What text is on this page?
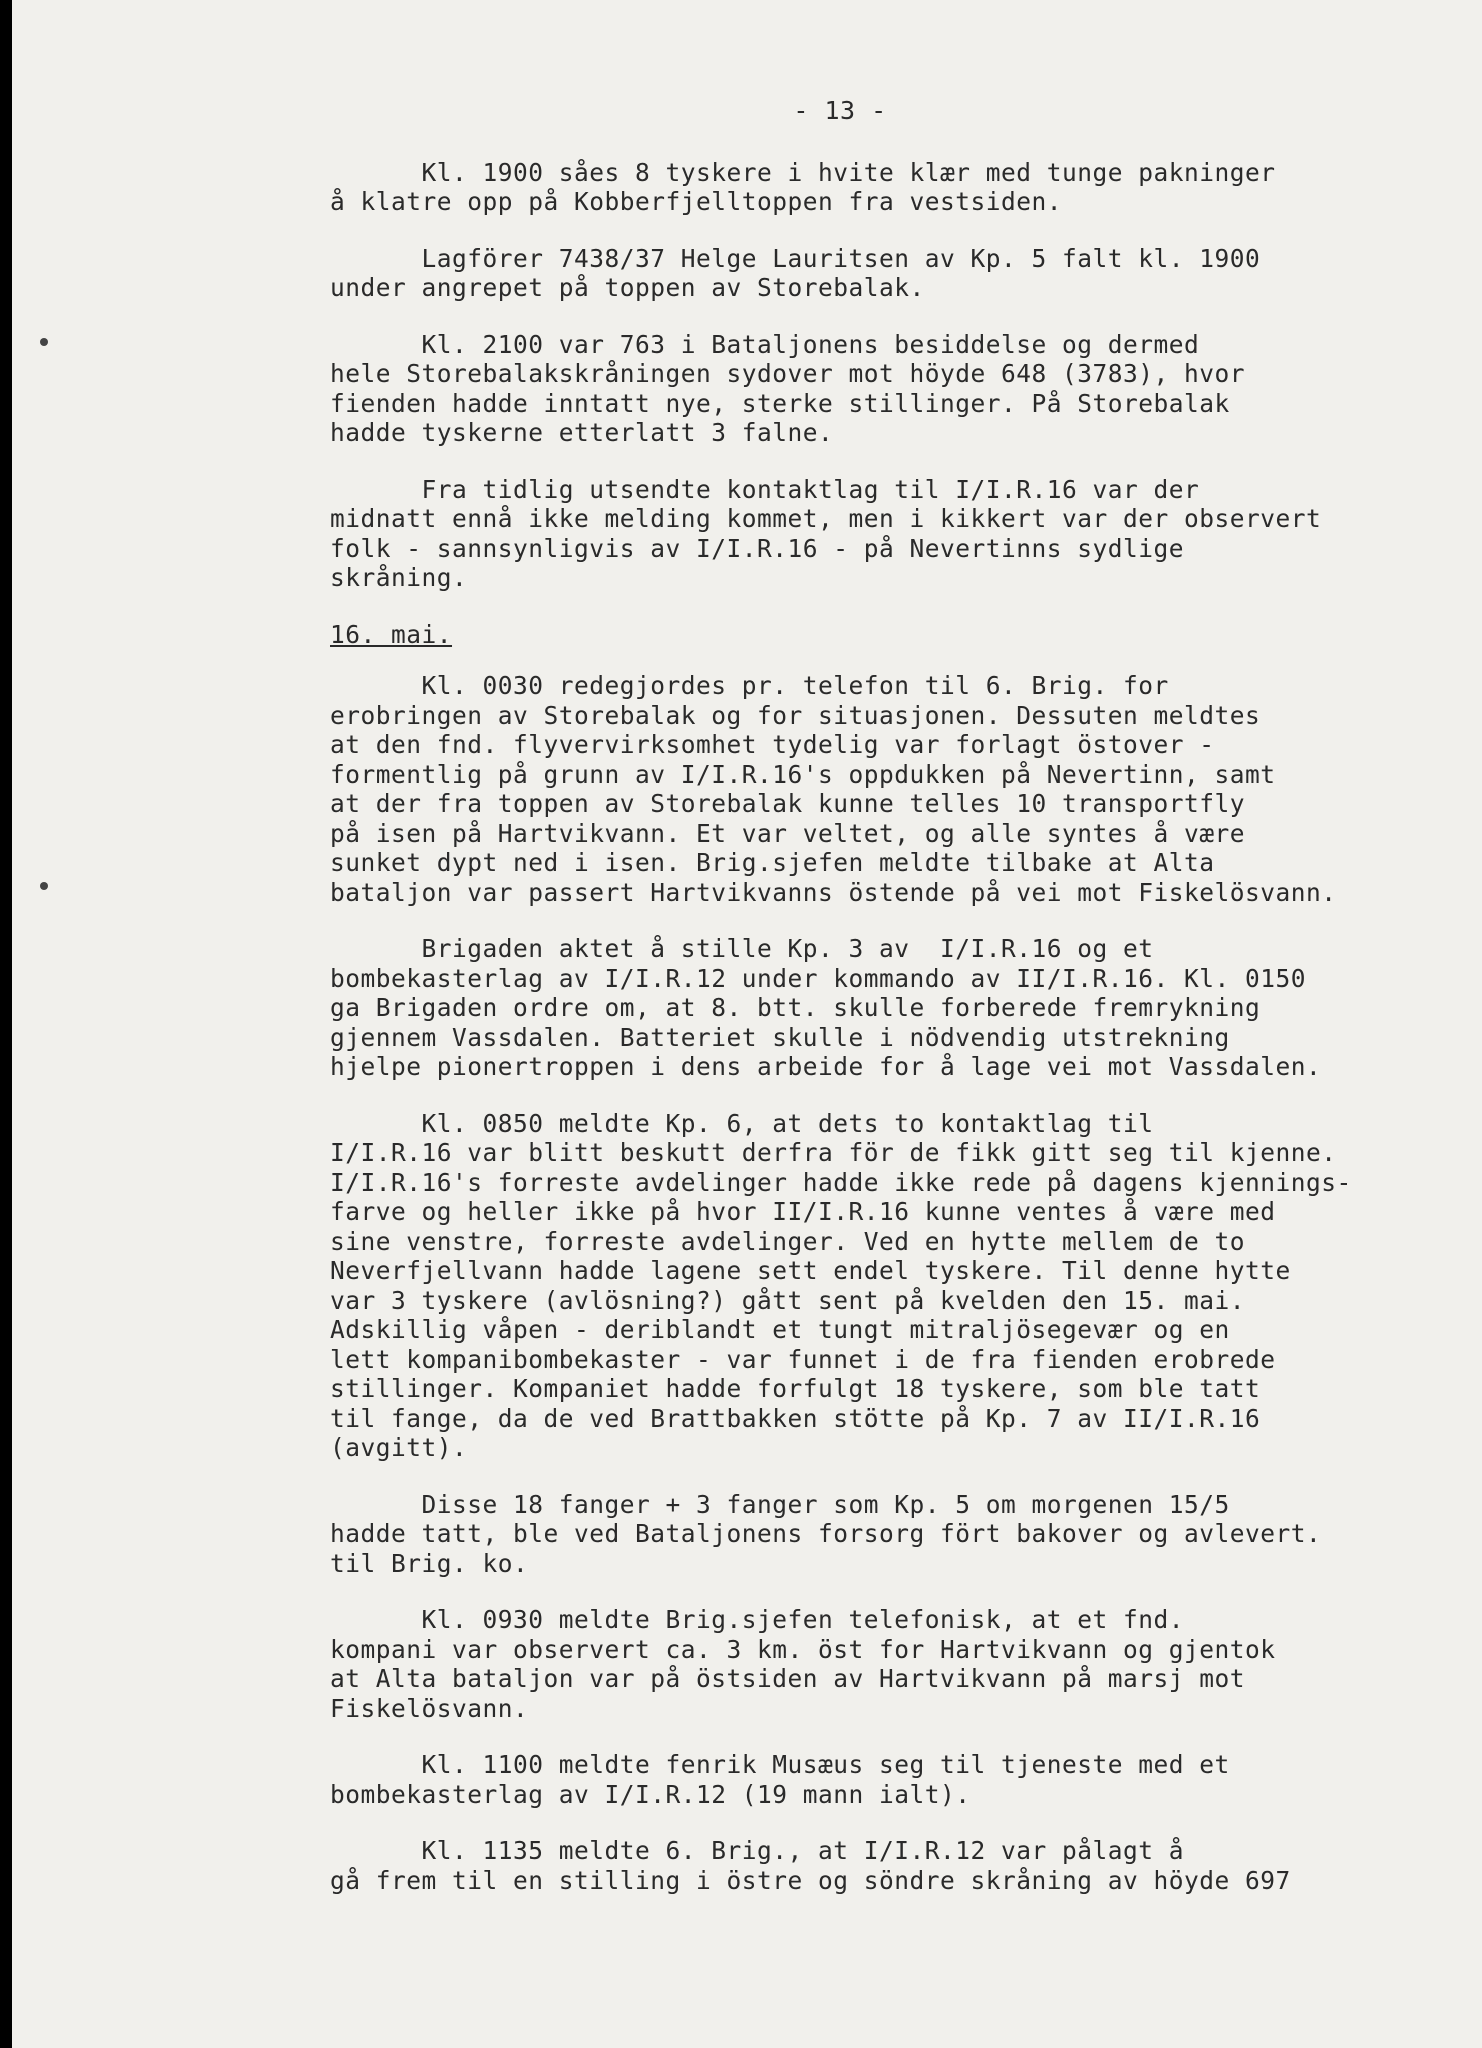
- 13 -
Kl. 1900 såes 8 tyskere i hvite klær med tunge pakninger
å klatre opp på Kobberfjelltoppen fra vestsiden.
Lagförer 7438/37 Helge Lauritsen av Kp. 5 falt kl. 1900
under angrepet på toppen av Storebalak.
Kl. 2100 var 763 i Bataljonens besiddelse og dermed
hele Storebalakskråningen sydover mot höyde 648 (3783), hvor
fienden hadde inntatt nye, sterke stillinger. På Storebalak
hadde tyskerne etterlatt 3 falne.
Fra tidlig utsendte kontaktlag til I/I.R.16 var der
midnatt ennå ikke melding kommet, men i kikkert var der observert
folk - sannsynligvis av I/I.R.16 - på Nevertinns sydlige
skråning.
16. mai.
Kl. 0030 redegjordes pr. telefon til 6. Brig. for
erobringen av Storebalak og for situasjonen. Dessuten meldtes
at den fnd. flyvervirksomhet tydelig var forlagt östover -
formentlig på grunn av I/I.R.16's oppdukken på Nevertinn, samt
at der fra toppen av Storebalak kunne telles 10 transportfly
på isen på Hartvikvann. Et var veltet, og alle syntes å være
sunket dypt ned i isen. Brig.sjefen meldte tilbake at Alta
bataljon var passert Hartvikvanns östende på vei mot Fiskelösvann.
Brigaden aktet å stille Kp. 3 av  I/I.R.16 og et
bombekasterlag av I/I.R.12 under kommando av II/I.R.16. Kl. 0150
ga Brigaden ordre om, at 8. btt. skulle forberede fremrykning
gjennem Vassdalen. Batteriet skulle i nödvendig utstrekning
hjelpe pionertroppen i dens arbeide for å lage vei mot Vassdalen.
Kl. 0850 meldte Kp. 6, at dets to kontaktlag til
I/I.R.16 var blitt beskutt derfra för de fikk gitt seg til kjenne.
I/I.R.16's forreste avdelinger hadde ikke rede på dagens kjennings-
farve og heller ikke på hvor II/I.R.16 kunne ventes å være med
sine venstre, forreste avdelinger. Ved en hytte mellem de to
Neverfjellvann hadde lagene sett endel tyskere. Til denne hytte
var 3 tyskere (avlösning?) gått sent på kvelden den 15. mai.
Adskillig våpen - deriblandt et tungt mitraljösegevær og en
lett kompanibombekaster - var funnet i de fra fienden erobrede
stillinger. Kompaniet hadde forfulgt 18 tyskere, som ble tatt
til fange, da de ved Brattbakken stötte på Kp. 7 av II/I.R.16
(avgitt).
Disse 18 fanger + 3 fanger som Kp. 5 om morgenen 15/5
hadde tatt, ble ved Bataljonens forsorg fört bakover og avlevert.
til Brig. ko.
Kl. 0930 meldte Brig.sjefen telefonisk, at et fnd.
kompani var observert ca. 3 km. öst for Hartvikvann og gjentok
at Alta bataljon var på östsiden av Hartvikvann på marsj mot
Fiskelösvann.
Kl. 1100 meldte fenrik Musæus seg til tjeneste med et
bombekasterlag av I/I.R.12 (19 mann ialt).
Kl. 1135 meldte 6. Brig., at I/I.R.12 var pålagt å
gå frem til en stilling i östre og söndre skråning av höyde 697
